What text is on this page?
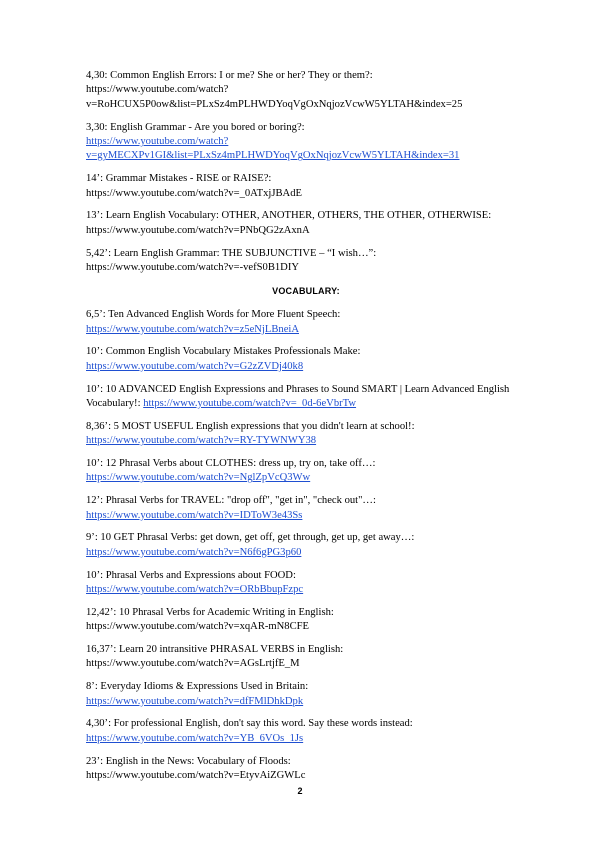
4,30: Common English Errors: I or me? She or her? They or them?:
https://www.youtube.com/watch?v=RoHCUX5P0ow&list=PLxSz4mPLHWDYoqVgOxNqjozVcwW5YLTAH&index=25
3,30: English Grammar - Are you bored or boring?:
https://www.youtube.com/watch?v=gyMECXPv1GI&list=PLxSz4mPLHWDYoqVgOxNqjozVcwW5YLTAH&index=31
14’: Grammar Mistakes - RISE or RAISE?:
https://www.youtube.com/watch?v=_0ATxjJBAdE
13’: Learn English Vocabulary: OTHER, ANOTHER, OTHERS, THE OTHER, OTHERWISE: https://www.youtube.com/watch?v=PNbQG2zAxnA
5,42’: Learn English Grammar: THE SUBJUNCTIVE – “I wish…”:
https://www.youtube.com/watch?v=-vefS0B1DIY
VOCABULARY:
6,5’: Ten Advanced English Words for More Fluent Speech:
https://www.youtube.com/watch?v=z5eNjLBneiA
10’: Common English Vocabulary Mistakes Professionals Make:
https://www.youtube.com/watch?v=G2zZVDj40k8
10’: 10 ADVANCED English Expressions and Phrases to Sound SMART | Learn Advanced English Vocabulary!: https://www.youtube.com/watch?v=_0d-6eVbrTw
8,36’: 5 MOST USEFUL English expressions that you didn't learn at school!:
https://www.youtube.com/watch?v=RY-TYWNWY38
10’: 12 Phrasal Verbs about CLOTHES: dress up, try on, take off…:
https://www.youtube.com/watch?v=NglZpVcQ3Ww
12’: Phrasal Verbs for TRAVEL: "drop off", "get in", "check out"…:
https://www.youtube.com/watch?v=IDToW3e43Ss
9’: 10 GET Phrasal Verbs: get down, get off, get through, get up, get away…:
https://www.youtube.com/watch?v=N6f6gPG3p60
10’: Phrasal Verbs and Expressions about FOOD:
https://www.youtube.com/watch?v=ORbBbupFzpc
12,42’: 10 Phrasal Verbs for Academic Writing in English:
https://www.youtube.com/watch?v=xqAR-mN8CFE
16,37’: Learn 20 intransitive PHRASAL VERBS in English:
https://www.youtube.com/watch?v=AGsLrtjfE_M
8’: Everyday Idioms & Expressions Used in Britain:
https://www.youtube.com/watch?v=dfFMlDhkDpk
4,30’: For professional English, don't say this word. Say these words instead:
https://www.youtube.com/watch?v=YB_6VOs_1Js
23’: English in the News: Vocabulary of Floods:
https://www.youtube.com/watch?v=EtyvAiZGWLc
2
